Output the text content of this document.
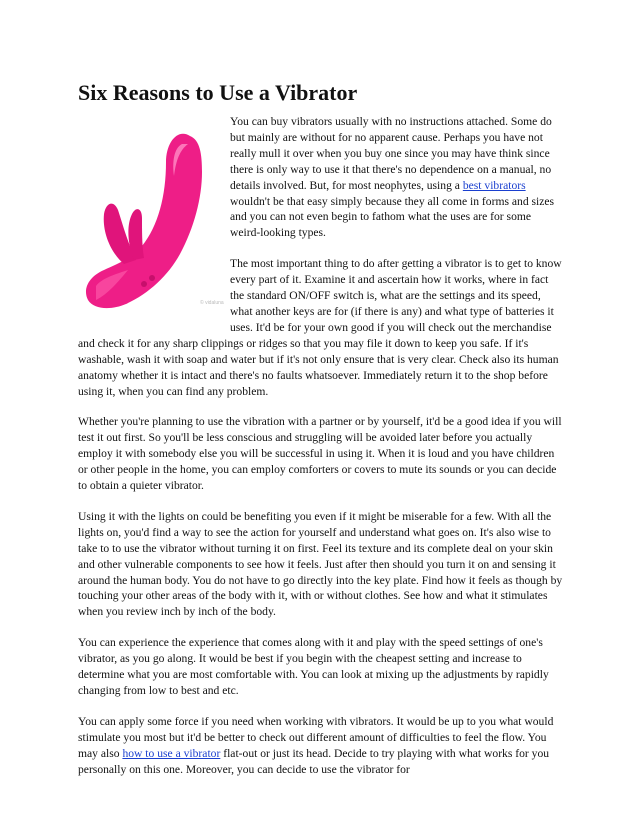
Six Reasons to Use a Vibrator
© vidaluna

You can buy vibrators usually with no instructions attached. Some do but mainly are without for no apparent cause. Perhaps you have not really mull it over when you buy one since you may have think since there is only way to use it that there's no dependence on a manual, no details involved. But, for most neophytes, using a best vibrators wouldn't be that easy simply because they all come in forms and sizes and you can not even begin to fathom what the uses are for some weird-looking types.

The most important thing to do after getting a vibrator is to get to know every part of it. Examine it and ascertain how it works, where in fact the standard ON/OFF switch is, what are the settings and its speed, what another keys are for (if there is any) and what type of batteries it uses. It'd be for your own good if you will check out the merchandise and check it for any sharp clippings or ridges so that you may file it down to keep you safe. If it's washable, wash it with soap and water but if it's not only ensure that is very clear. Check also its human anatomy whether it is intact and there's no faults whatsoever. Immediately return it to the shop before using it, when you can find any problem.

Whether you're planning to use the vibration with a partner or by yourself, it'd be a good idea if you will test it out first. So you'll be less conscious and struggling will be avoided later before you actually employ it with somebody else you will be successful in using it. When it is loud and you have children or other people in the home, you can employ comforters or covers to mute its sounds or you can decide to obtain a quieter vibrator.

Using it with the lights on could be benefiting you even if it might be miserable for a few. With all the lights on, you'd find a way to see the action for yourself and understand what goes on. It's also wise to take to to use the vibrator without turning it on first. Feel its texture and its complete deal on your skin and other vulnerable components to see how it feels. Just after then should you turn it on and sensing it around the human body. You do not have to go directly into the key plate. Find how it feels as though by touching your other areas of the body with it, with or without clothes. See how and what it stimulates when you review inch by inch of the body.

You can experience the experience that comes along with it and play with the speed settings of one's vibrator, as you go along. It would be best if you begin with the cheapest setting and increase to determine what you are most comfortable with. You can look at mixing up the adjustments by rapidly changing from low to best and etc.

You can apply some force if you need when working with vibrators. It would be up to you what would stimulate you most but it'd be better to check out different amount of difficulties to feel the flow. You may also how to use a vibrator flat-out or just its head. Decide to try playing with what works for you personally on this one. Moreover, you can decide to use the vibrator for
